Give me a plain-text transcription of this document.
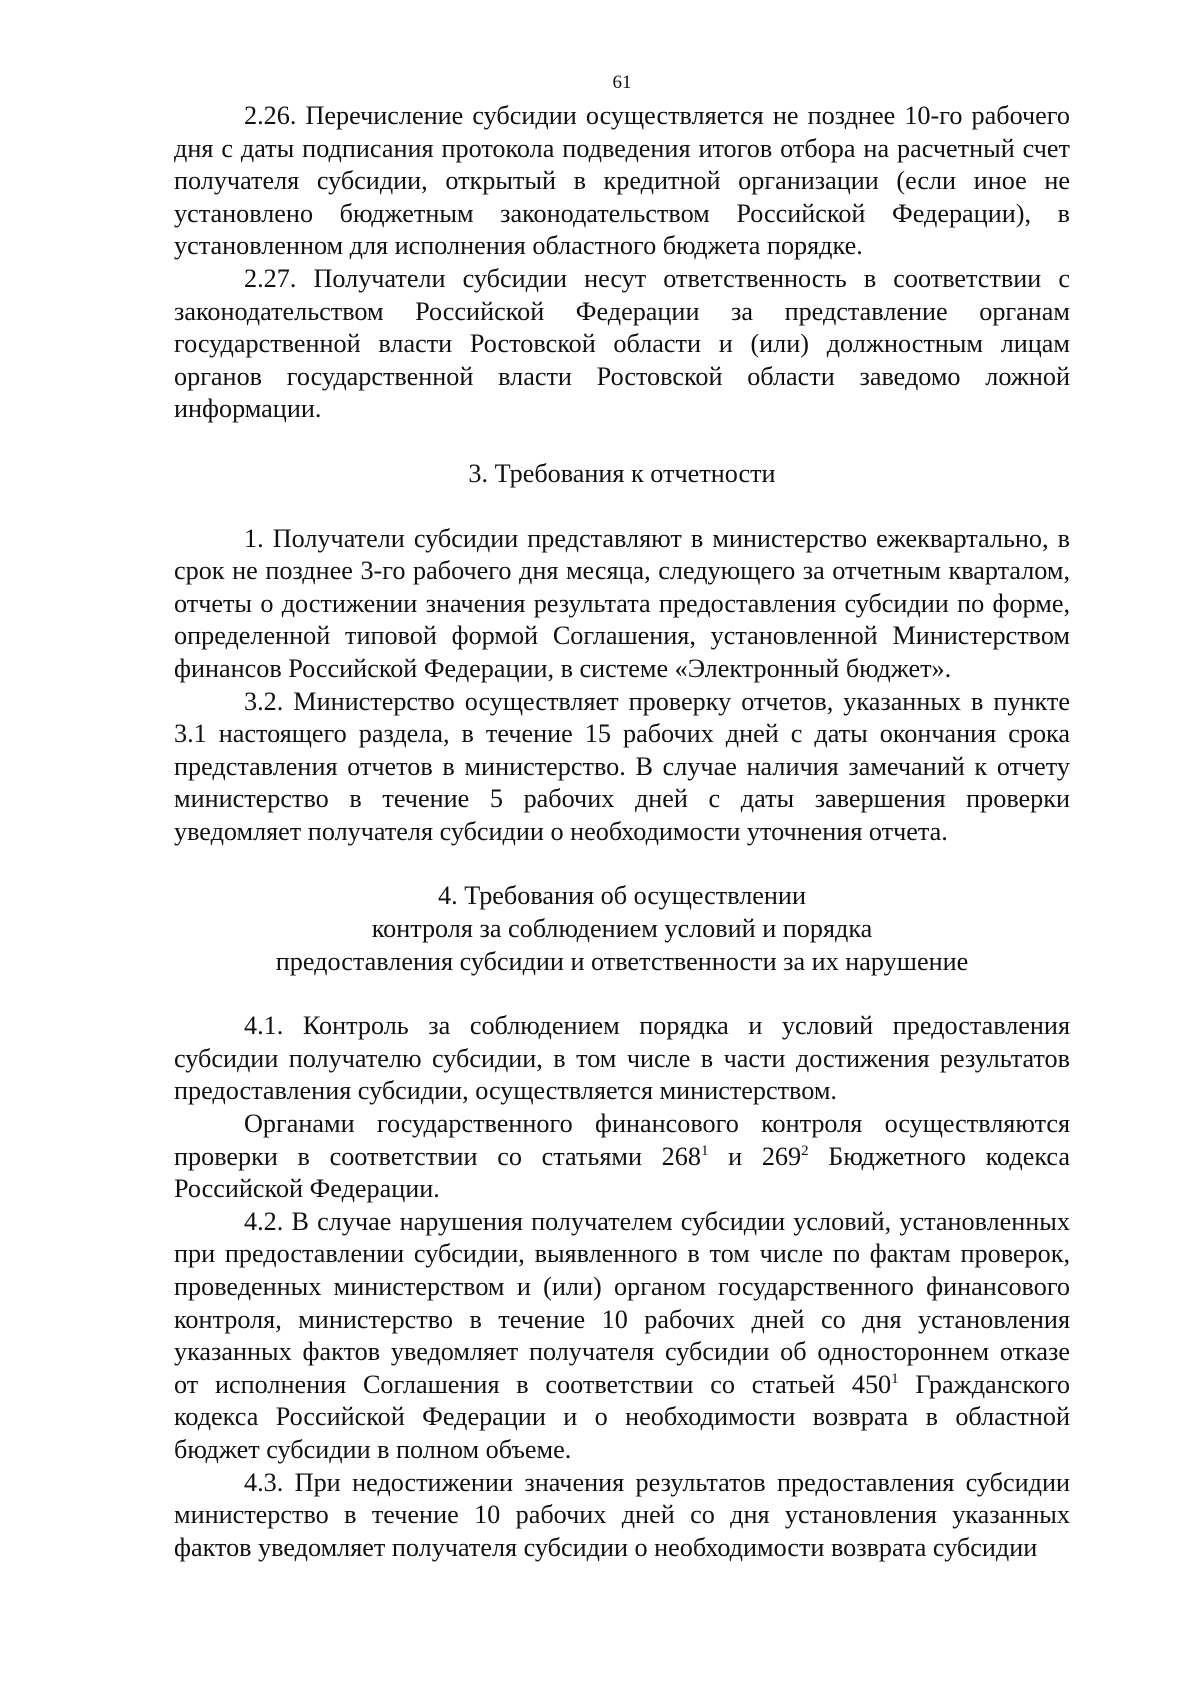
61

2.26. Перечисление субсидии осуществляется не позднее 10-го рабочего дня с даты подписания протокола подведения итогов отбора на расчетный счет получателя субсидии, открытый в кредитной организации (если иное не установлено бюджетным законодательством Российской Федерации), в установленном для исполнения областного бюджета порядке.

2.27. Получатели субсидии несут ответственность в соответствии с законодательством Российской Федерации за представление органам государственной власти Ростовской области и (или) должностным лицам органов государственной власти Ростовской области заведомо ложной информации.

3. Требования к отчетности

1. Получатели субсидии представляют в министерство ежеквартально, в срок не позднее 3-го рабочего дня месяца, следующего за отчетным кварталом, отчеты о достижении значения результата предоставления субсидии по форме, определенной типовой формой Соглашения, установленной Министерством финансов Российской Федерации, в системе «Электронный бюджет».

3.2. Министерство осуществляет проверку отчетов, указанных в пункте 3.1 настоящего раздела, в течение 15 рабочих дней с даты окончания срока представления отчетов в министерство. В случае наличия замечаний к отчету министерство в течение 5 рабочих дней с даты завершения проверки уведомляет получателя субсидии о необходимости уточнения отчета.

4. Требования об осуществлении
контроля за соблюдением условий и порядка
предоставления субсидии и ответственности за их нарушение

4.1. Контроль за соблюдением порядка и условий предоставления субсидии получателю субсидии, в том числе в части достижения результатов предоставления субсидии, осуществляется министерством.

Органами государственного финансового контроля осуществляются проверки в соответствии со статьями $268^1$ и $269^2$ Бюджетного кодекса Российской Федерации.

4.2. В случае нарушения получателем субсидии условий, установленных при предоставлении субсидии, выявленного в том числе по фактам проверок, проведенных министерством и (или) органом государственного финансового контроля, министерство в течение 10 рабочих дней со дня установления указанных фактов уведомляет получателя субсидии об одностороннем отказе от исполнения Соглашения в соответствии со статьей $450^1$ Гражданского кодекса Российской Федерации и о необходимости возврата в областной бюджет субсидии в полном объеме.

4.3. При недостижении значения результатов предоставления субсидии министерство в течение 10 рабочих дней со дня установления указанных фактов уведомляет получателя субсидии о необходимости возврата субсидии
